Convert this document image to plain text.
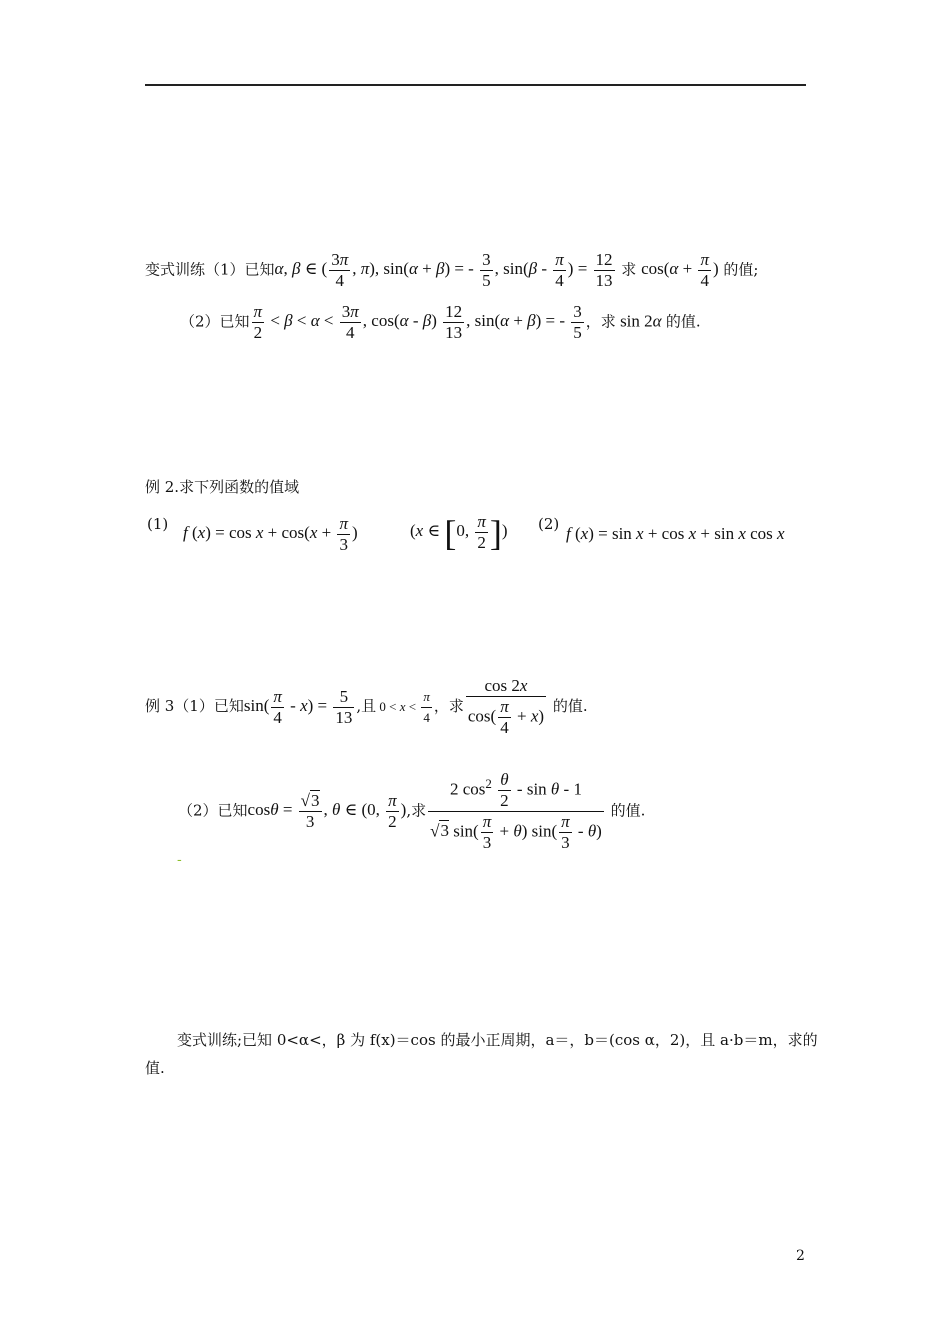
变式训练（1）已知α, β ∈ ( $\frac{3\pi}{4}$ , π), sin(α + β) = - $\frac{3}{5}$ , $\sin(\beta - \frac{\pi}{4}$ ) = $\frac{12}{13}$ 求 $\cos(\alpha + \frac{\pi}{4}$ ) 的值;
（2）已知 $\frac{\pi}{2} < \beta < \alpha < \frac{3\pi}{4}$ , $\cos(\alpha - \beta) \frac{12}{13}$ , sin(α + β) = - $\frac{3}{5}$ ，求 sin 2α 的值.
例 2.求下列函数的值域
(1) f $(x) = \cos x + \cos(x + \frac{\pi}{3}$ )	(x ∈ [0, $\frac{\pi}{2}$ ]) (2) f (x) = sin x + cos x + sin x cos x
例 3（1）已知$\sin( \frac{\pi}{4} - x) = \frac{5}{13}$ ,且 $0 < x < \frac{\pi}{4}$ ，求 $\frac{\cos 2x}{\cos( \frac{\pi}{4} + x)}$ 的值.
（2）已知$\cos\theta = \frac{√3}{3}$ , θ ∈ (0, $\frac{\pi}{2}$ ),求 $\frac{2 \cos^2 \frac{\theta}{2} - \sin \theta - 1}{√3 \sin( \frac{\pi}{3} + \theta) \sin( \frac{\pi}{3} - \theta)}$ 的值.
-
变式训练;已知 0<α<，β 为 f(x)＝cos 的最小正周期，a＝，b＝(cos α，2)，且 a·b＝m，求的
值.
2
